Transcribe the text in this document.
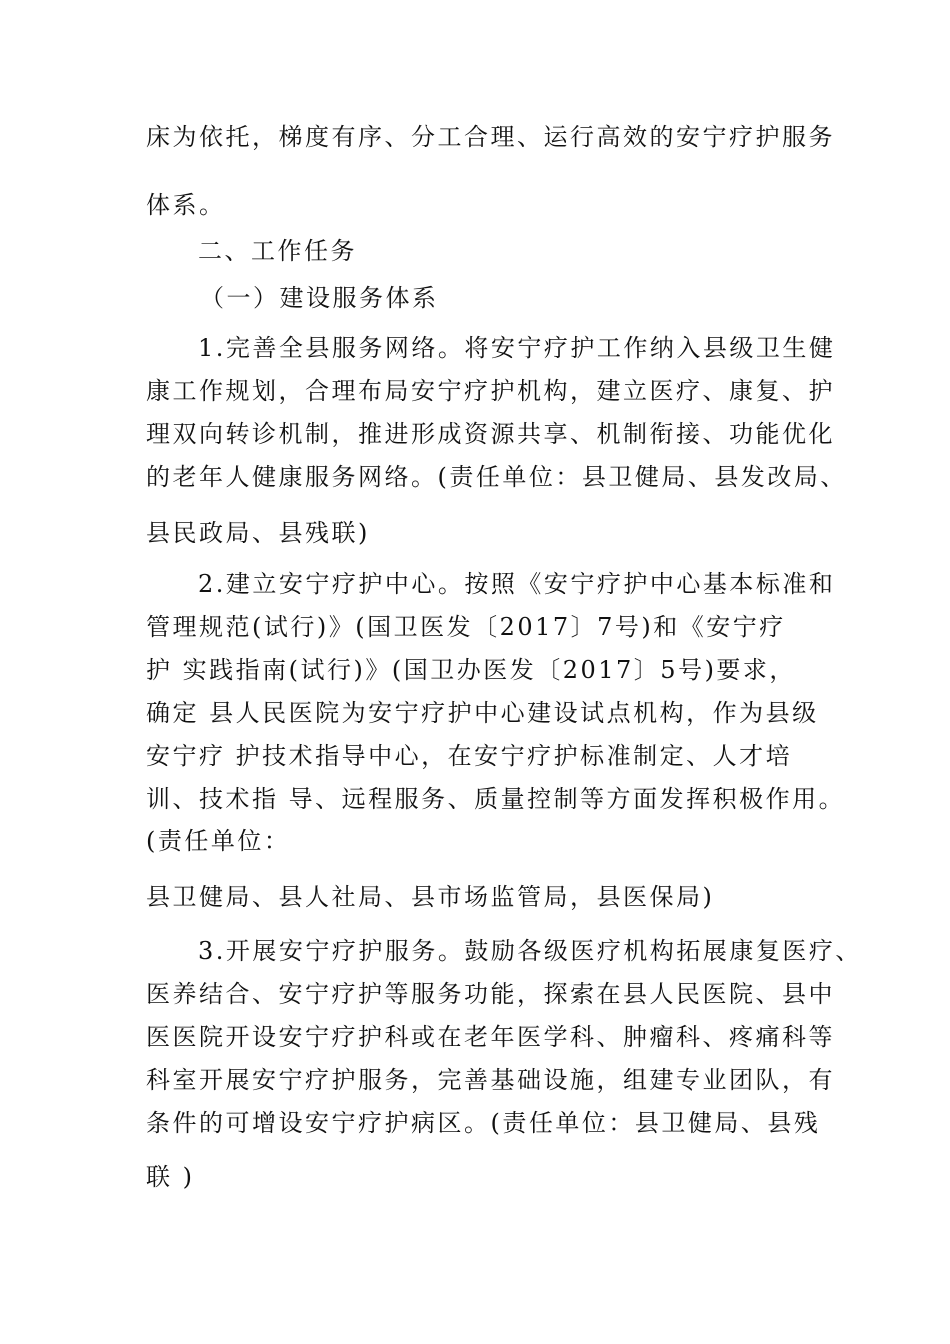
床为依托，梯度有序、分工合理、运行高效的安宁疗护服务
体系。
二、工作任务
（一）建设服务体系
1.完善全县服务网络。将安宁疗护工作纳入县级卫生健
康工作规划，合理布局安宁疗护机构，建立医疗、康复、护
理双向转诊机制，推进形成资源共享、机制衔接、功能优化
的老年人健康服务网络。(责任单位：县卫健局、县发改局、
县民政局、县残联)
2.建立安宁疗护中心。按照《安宁疗护中心基本标准和
管理规范(试行)》(国卫医发〔2017〕7号)和《安宁疗
护 实践指南(试行)》(国卫办医发〔2017〕5号)要求，
确定 县人民医院为安宁疗护中心建设试点机构，作为县级
安宁疗 护技术指导中心，在安宁疗护标准制定、人才培
训、技术指 导、远程服务、质量控制等方面发挥积极作用。
(责任单位：
县卫健局、县人社局、县市场监管局，县医保局)
3.开展安宁疗护服务。鼓励各级医疗机构拓展康复医疗、
医养结合、安宁疗护等服务功能，探索在县人民医院、县中
医医院开设安宁疗护科或在老年医学科、肿瘤科、疼痛科等
科室开展安宁疗护服务，完善基础设施，组建专业团队，有
条件的可增设安宁疗护病区。(责任单位：县卫健局、县残
联 )
